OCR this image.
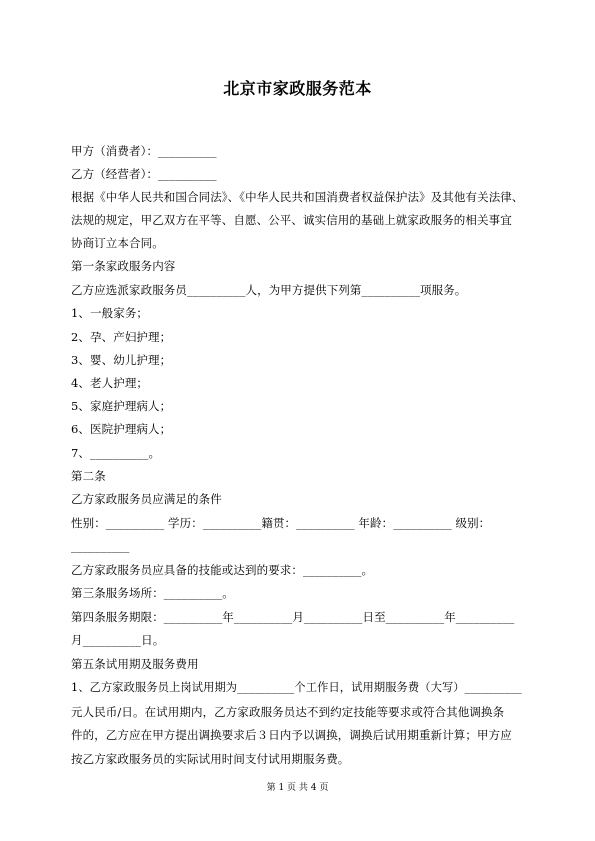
北京市家政服务范本
甲方（消费者）：__________
乙方（经营者）：__________
根据《中华人民共和国合同法》、《中华人民共和国消费者权益保护法》及其他有关法律、
法规的规定，甲乙双方在平等、自愿、公平、诚实信用的基础上就家政服务的相关事宜
协商订立本合同。
第一条家政服务内容
乙方应选派家政服务员__________人，为甲方提供下列第__________项服务。
1、一般家务；
2、孕、产妇护理；
3、婴、幼儿护理；
4、老人护理；
5、家庭护理病人；
6、医院护理病人；
7、__________。
第二条
乙方家政服务员应满足的条件
性别：__________ 学历：__________籍贯：__________ 年龄：__________ 级别：
__________
乙方家政服务员应具备的技能或达到的要求：__________。
第三条服务场所：__________。
第四条服务期限：__________年__________月__________日至__________年__________
月__________日。
第五条试用期及服务费用
1、乙方家政服务员上岗试用期为__________个工作日，试用期服务费（大写）__________
元人民币/日。在试用期内，乙方家政服务员达不到约定技能等要求或符合其他调换条
件的，乙方应在甲方提出调换要求后３日内予以调换，调换后试用期重新计算；甲方应
按乙方家政服务员的实际试用时间支付试用期服务费。
第 1 页 共 4 页
